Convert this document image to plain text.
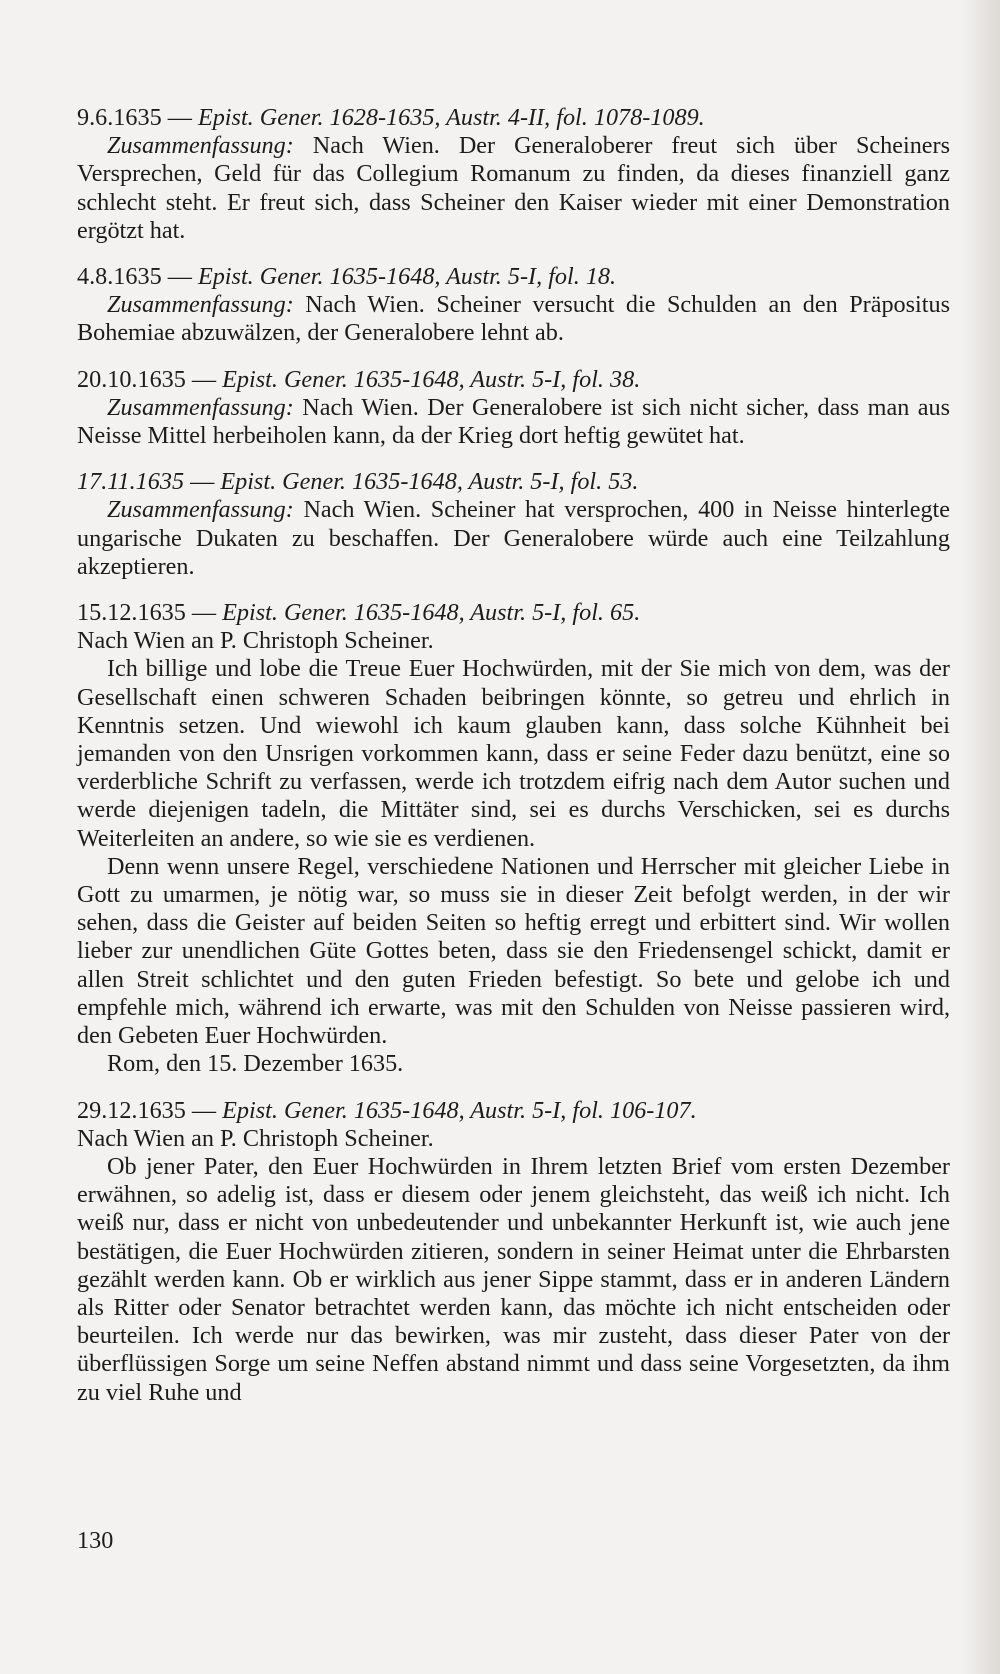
9.6.1635 — Epist. Gener. 1628-1635, Austr. 4-II, fol. 1078-1089.

Zusammenfassung: Nach Wien. Der Generaloberer freut sich über Scheiners Versprechen, Geld für das Collegium Romanum zu finden, da dieses finanziell ganz schlecht steht. Er freut sich, dass Scheiner den Kaiser wieder mit einer Demonstration ergötzt hat.

4.8.1635 — Epist. Gener. 1635-1648, Austr. 5-I, fol. 18.

Zusammenfassung: Nach Wien. Scheiner versucht die Schulden an den Präpositus Bohemiae abzuwälzen, der Generalobere lehnt ab.

20.10.1635 — Epist. Gener. 1635-1648, Austr. 5-I, fol. 38.

Zusammenfassung: Nach Wien. Der Generalobere ist sich nicht sicher, dass man aus Neisse Mittel herbeiholen kann, da der Krieg dort heftig gewütet hat.

17.11.1635 — Epist. Gener. 1635-1648, Austr. 5-I, fol. 53.

Zusammenfassung: Nach Wien. Scheiner hat versprochen, 400 in Neisse hinterlegte ungarische Dukaten zu beschaffen. Der Generalobere würde auch eine Teilzahlung akzeptieren.

15.12.1635 — Epist. Gener. 1635-1648, Austr. 5-I, fol. 65.

Nach Wien an P. Christoph Scheiner.

Ich billige und lobe die Treue Euer Hochwürden, mit der Sie mich von dem, was der Gesellschaft einen schweren Schaden beibringen könnte, so getreu und ehrlich in Kenntnis setzen. Und wiewohl ich kaum glauben kann, dass solche Kühnheit bei jemanden von den Unsrigen vorkommen kann, dass er seine Feder dazu benützt, eine so verderbliche Schrift zu verfassen, werde ich trotzdem eifrig nach dem Autor suchen und werde diejenigen tadeln, die Mittäter sind, sei es durchs Verschicken, sei es durchs Weiterleiten an andere, so wie sie es verdienen.

Denn wenn unsere Regel, verschiedene Nationen und Herrscher mit gleicher Liebe in Gott zu umarmen, je nötig war, so muss sie in dieser Zeit befolgt werden, in der wir sehen, dass die Geister auf beiden Seiten so heftig erregt und erbittert sind. Wir wollen lieber zur unendlichen Güte Gottes beten, dass sie den Friedensengel schickt, damit er allen Streit schlichtet und den guten Frieden befestigt. So bete und gelobe ich und empfehle mich, während ich erwarte, was mit den Schulden von Neisse passieren wird, den Gebeten Euer Hochwürden.

Rom, den 15. Dezember 1635.

29.12.1635 — Epist. Gener. 1635-1648, Austr. 5-I, fol. 106-107.

Nach Wien an P. Christoph Scheiner.

Ob jener Pater, den Euer Hochwürden in Ihrem letzten Brief vom ersten Dezember erwähnen, so adelig ist, dass er diesem oder jenem gleichsteht, das weiß ich nicht. Ich weiß nur, dass er nicht von unbedeutender und unbekannter Herkunft ist, wie auch jene bestätigen, die Euer Hochwürden zitieren, sondern in seiner Heimat unter die Ehrbarsten gezählt werden kann. Ob er wirklich aus jener Sippe stammt, dass er in anderen Ländern als Ritter oder Senator betrachtet werden kann, das möchte ich nicht entscheiden oder beurteilen. Ich werde nur das bewirken, was mir zusteht, dass dieser Pater von der überflüssigen Sorge um seine Neffen abstand nimmt und dass seine Vorgesetzten, da ihm zu viel Ruhe und

130
